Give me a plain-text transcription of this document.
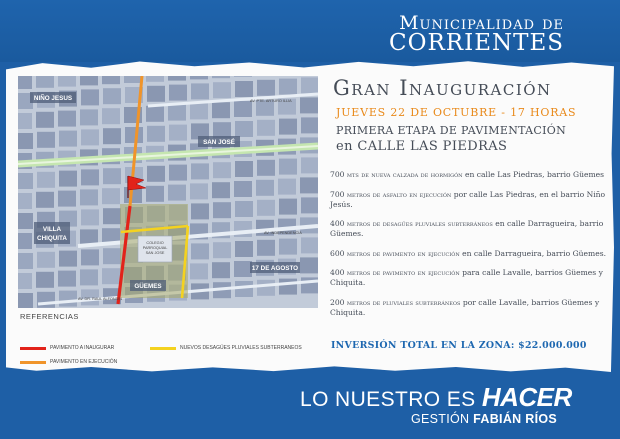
Municipalidad de
CORRIENTES
COLEGIO PARROQUIAL SAN JOSE
NIÑO JESUS
SAN JOSÉ
VILLA
CHIQUITA
GÜEMES
17 DE AGOSTO
AV. PTE. ARTURO ILLIA
AV. INDEPENDENCIA
AV. DR. RAUL ALFONSIN
REFERENCIAS
PAVIMENTO A INAUGURAR
PAVIMENTO EN EJECUCIÓN
NUEVOS DESAGÜES PLUVIALES SUBTERRANEOS
Gran Inauguración
JUEVES 22 DE OCTUBRE - 17 HORAS
PRIMERA ETAPA DE PAVIMENTACIÓN
en CALLE LAS PIEDRAS
700 mts de nueva calzada de hormigón en calle Las Piedras, barrio Güemes
700 metros de asfalto en ejecución por calle Las Piedras, en el barrio Niño Jesús.
400 metros de desagües pluviales subterráneos en calle Darragueira, barrio Güemes.
600 metros de pavimento en ejecución en calle Darragueira, barrio Güemes.
400 metros de pavimento en ejecución para calle Lavalle, barrios Güemes y Chiquita.
200 metros de pluviales subterráneos por calle Lavalle, barrios Güemes y Chiquita.
INVERSIÓN TOTAL EN LA ZONA: $22.000.000
LO NUESTRO ES HACER
GESTIÓN FABIÁN RÍOS
